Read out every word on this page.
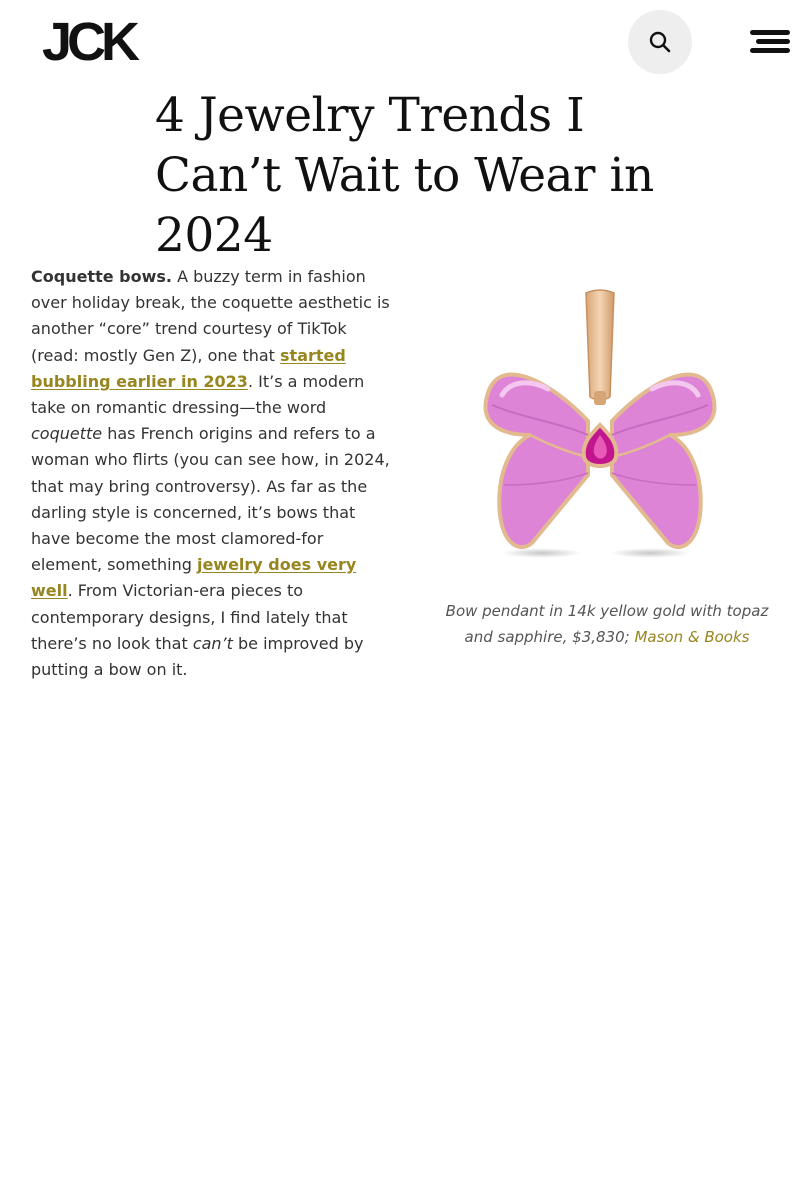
JCK
4 Jewelry Trends I Can’t Wait to Wear in 2024

Coquette bows. A buzzy term in fashion over holiday break, the coquette aesthetic is another “core” trend courtesy of TikTok (read: mostly Gen Z), one that started bubbling earlier in 2023. It’s a modern take on romantic dressing—the word coquette has French origins and refers to a woman who flirts (you can see how, in 2024, that may bring controversy). As far as the darling style is concerned, it’s bows that have become the most clamored-for element, something jewelry does very well. From Victorian-era pieces to contemporary designs, I find lately that there’s no look that can’t be improved by putting a bow on it.

Bow pendant in 14k yellow gold with topaz and sapphire, $3,830; Mason & Books
